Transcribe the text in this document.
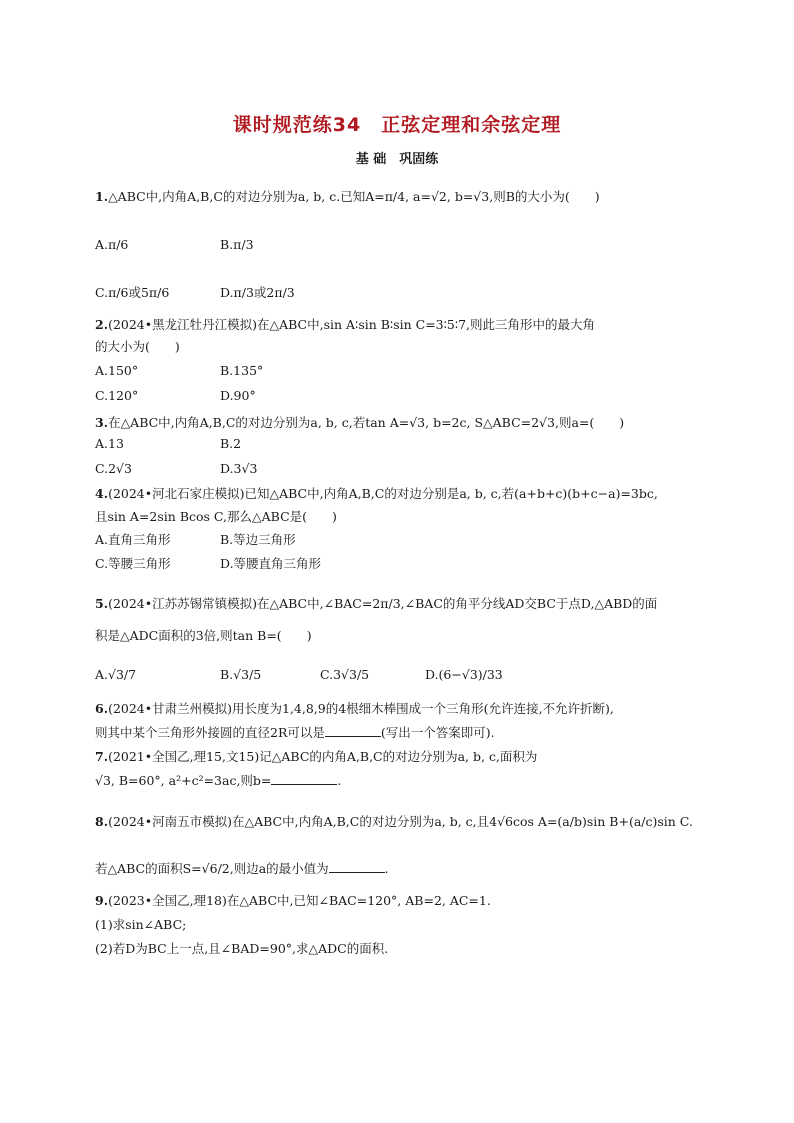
课时规范练34　正弦定理和余弦定理
基 础　巩固练
1.△ABC中,内角A,B,C的对边分别为a, b, c.已知A=π/4, a=√2, b=√3,则B的大小为(　　)
A.π/6	B.π/3
C.π/6或5π/6	D.π/3或2π/3
2.(2024•黑龙江牡丹江模拟)在△ABC中,sin A∶sin B∶sin C=3∶5∶7,则此三角形中的最大角
的大小为(　　)
A.150°	B.135°
C.120°	D.90°
3.在△ABC中,内角A,B,C的对边分别为a, b, c,若tan A=√3, b=2c, S△ABC=2√3,则a=(　　)
A.13	B.2
C.2√3	D.3√3
4.(2024•河北石家庄模拟)已知△ABC中,内角A,B,C的对边分别是a, b, c,若(a+b+c)(b+c−a)=3bc,
且sin A=2sin Bcos C,那么△ABC是(　　)
A.直角三角形	B.等边三角形
C.等腰三角形	D.等腰直角三角形
5.(2024•江苏苏锡常镇模拟)在△ABC中,∠BAC=2π/3,∠BAC的角平分线AD交BC于点D,△ABD的面
积是△ADC面积的3倍,则tan B=(　　)
A.√3/7	B.√3/5	C.3√3/5	D.(6−√3)/33
6.(2024•甘肃兰州模拟)用长度为1,4,8,9的4根细木棒围成一个三角形(允许连接,不允许折断),
则其中某个三角形外接圆的直径2R可以是	(写出一个答案即可).
7.(2021•全国乙,理15,文15)记△ABC的内角A,B,C的对边分别为a, b, c,面积为
√3, B=60°, a²+c²=3ac,则b=	.
8.(2024•河南五市模拟)在△ABC中,内角A,B,C的对边分别为a, b, c,且4√6cos A=(a/b)sin B+(a/c)sin C.
若△ABC的面积S=√6/2,则边a的最小值为	.
9.(2023•全国乙,理18)在△ABC中,已知∠BAC=120°, AB=2, AC=1.
(1)求sin∠ABC;
(2)若D为BC上一点,且∠BAD=90°,求△ADC的面积.
